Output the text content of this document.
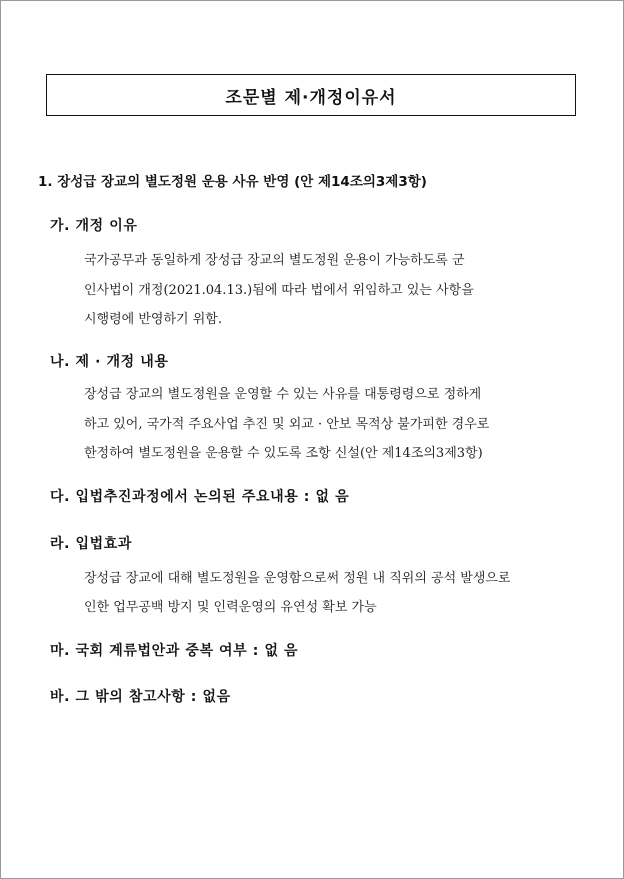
조문별 제·개정이유서
1. 장성급 장교의 별도정원 운용 사유 반영 (안 제14조의3제3항)
가. 개정 이유
국가공무과 동일하게 장성급 장교의 별도정원 운용이 가능하도록 군
인사법이 개정(2021.04.13.)됨에 따라 법에서 위임하고 있는 사항을
시행령에 반영하기 위함.
나. 제 · 개정 내용
장성급 장교의 별도정원을 운영할 수 있는 사유를 대통령령으로 정하게
하고 있어, 국가적 주요사업 추진 및 외교 · 안보 목적상 불가피한 경우로
한정하여 별도정원을 운용할 수 있도록 조항 신설(안 제14조의3제3항)
다. 입법추진과정에서 논의된 주요내용 : 없 음
라. 입법효과
장성급 장교에 대해 별도정원을 운영함으로써 정원 내 직위의 공석 발생으로
인한 업무공백 방지 및 인력운영의 유연성 확보 가능
마. 국회 계류법안과 중복 여부 : 없 음
바. 그 밖의 참고사항 : 없음
